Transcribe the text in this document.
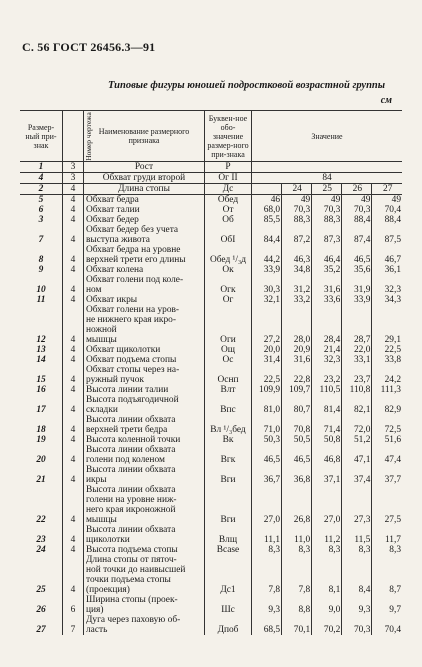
С. 56 ГОСТ 26456.3—91
Типовые фигуры юношей подростковой возрастной группы
см
Размер-ный при-знак	Номер чертежа	Наименование размерного признака	Буквен-ное обо-значение размер-ного при-знака	Значение				
1	3	Рост	Р					
4	3	Обхват груди второй	Ог II	84				
2	4	Длина стопы	Дс		24	25	26	27
5	4	Обхват бедра	Обед	46	49	49	49	49
6	4	Обхват талии	От	68,0	70,3	70,3	70,3	70,4
3	4	Обхват бедер	Об	85,5	88,3	88,3	88,4	88,4
7	4	Обхват бедер без учета
выступа живота	ОбI	84,4	87,2	87,3	87,4	87,5
8	4	Обхват бедра на уровне
верхней трети его длины	Обед ¹/₃д	44,2	46,3	46,4	46,5	46,7
9	4	Обхват колена	Ок	33,9	34,8	35,2	35,6	36,1
10	4	Обхват голени под коле-
ном	Огк	30,3	31,2	31,6	31,9	32,3
11	4	Обхват икры	Ог	32,1	33,2	33,6	33,9	34,3
12	4	Обхват голени на уров-
не нижнего края икро-
ножной
мышцы	Оги	27,2	28,0	28,4	28,7	29,1
13	4	Обхват щиколотки	Ощ	20,0	20,9	21,4	22,0	22,5
14	4	Обхват подъема стопы	Ос	31,4	31,6	32,3	33,1	33,8
15	4	Обхват стопы через на-
ружный пучок	Оснп	22,5	22,8	23,2	23,7	24,2
16	4	Высота линии талии	Влт	109,9	109,7	110,5	110,8	111,3
17	4	Высота подъягодичной
складки	Впс	81,0	80,7	81,4	82,1	82,9
18	4	Высота линии обхвата
верхней трети бедра	Вл ¹/₃бед	71,0	70,8	71,4	72,0	72,5
19	4	Высота коленной точки	Вк	50,3	50,5	50,8	51,2	51,6
20	4	Высота линии обхвата
голени под коленом	Вгк	46,5	46,5	46,8	47,1	47,4
21	4	Высота линии обхвата
икры	Вги	36,7	36,8	37,1	37,4	37,7
22	4	Высота линии обхвата
голени на уровне ниж-
него края икроножной
мышцы	Вги	27,0	26,8	27,0	27,3	27,5
23	4	Высота линии обхвата
щиколотки	Влщ	11,1	11,0	11,2	11,5	11,7
24	4	Высота подъема стопы	Вcase	8,3	8,3	8,3	8,3	8,3
25	4	Длина стопы от пяточ-
ной точки до наивысшей
точки подъема стопы
(проекция)	Дс1	7,8	7,8	8,1	8,4	8,7
26	6	Ширина стопы (проек-
ция)	Шс	9,3	8,8	9,0	9,3	9,7
27	7	Дуга через паховую об-
ласть	Дпоб	68,5	70,1	70,2	70,3	70,4
